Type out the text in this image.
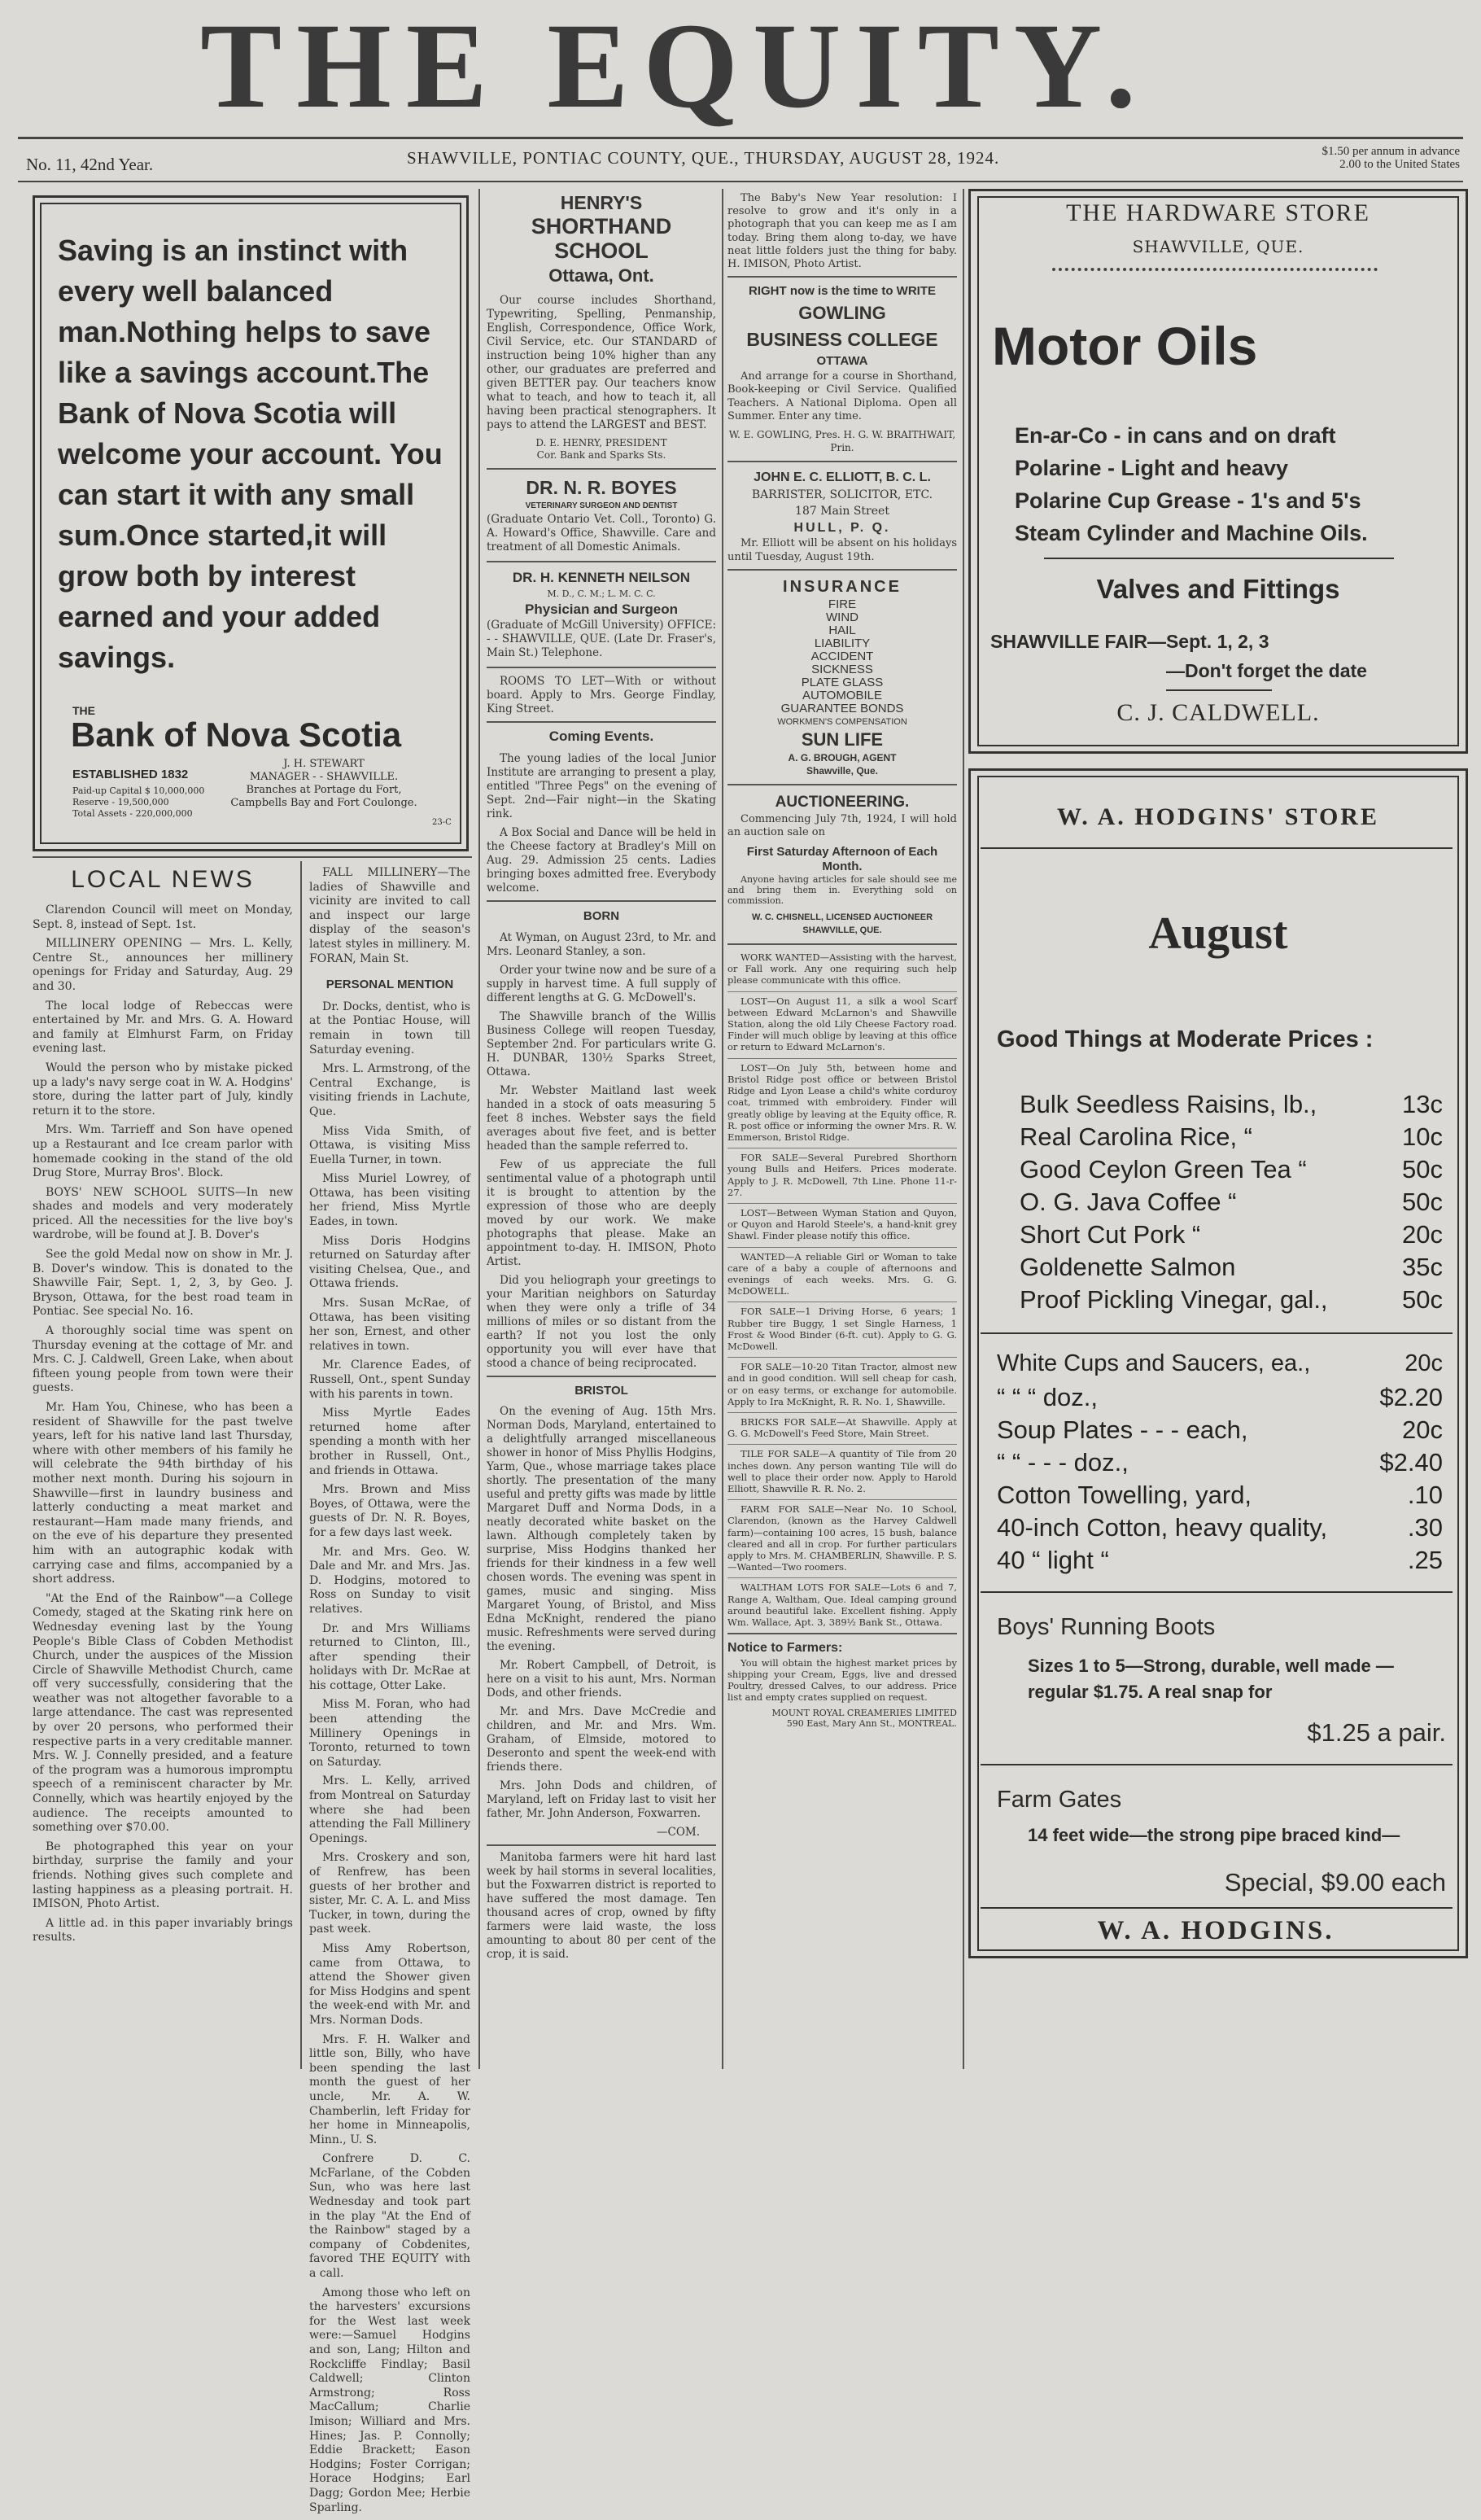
THE EQUITY.
No. 11, 42nd Year.	SHAWVILLE, PONTIAC COUNTY, QUE., THURSDAY, AUGUST 28, 1924.	$1.50 per annum in advance
2.00 to the United States
Saving is an instinct with every well balanced man.Nothing helps to save like a savings account.The Bank of Nova Scotia will welcome your account. You can start it with any small sum.Once started,it will grow both by interest earned and your added savings.
THE
Bank of Nova Scotia
ESTABLISHED 1832
Paid-up Capital $ 10,000,000
Reserve - 19,500,000
Total Assets - 220,000,000
J. H. STEWART
MANAGER - - SHAWVILLE.
Branches at Portage du Fort, Campbells Bay and Fort Coulonge.
23-C
LOCAL NEWS

Clarendon Council will meet on Monday, Sept. 8, instead of Sept. 1st.

MILLINERY OPENING — Mrs. L. Kelly, Centre St., announces her millinery openings for Friday and Saturday, Aug. 29 and 30.

The local lodge of Rebeccas were entertained by Mr. and Mrs. G. A. Howard and family at Elmhurst Farm, on Friday evening last.

Would the person who by mistake picked up a lady's navy serge coat in W. A. Hodgins' store, during the latter part of July, kindly return it to the store.

Mrs. Wm. Tarrieff and Son have opened up a Restaurant and Ice cream parlor with homemade cooking in the stand of the old Drug Store, Murray Bros'. Block.

BOYS' NEW SCHOOL SUITS—In new shades and models and very moderately priced. All the necessities for the live boy's wardrobe, will be found at J. B. Dover's

See the gold Medal now on show in Mr. J. B. Dover's window. This is donated to the Shawville Fair, Sept. 1, 2, 3, by Geo. J. Bryson, Ottawa, for the best road team in Pontiac. See special No. 16.

A thoroughly social time was spent on Thursday evening at the cottage of Mr. and Mrs. C. J. Caldwell, Green Lake, when about fifteen young people from town were their guests.

Mr. Ham You, Chinese, who has been a resident of Shawville for the past twelve years, left for his native land last Thursday, where with other members of his family he will celebrate the 94th birthday of his mother next month. During his sojourn in Shawville—first in laundry business and latterly conducting a meat market and restaurant—Ham made many friends, and on the eve of his departure they presented him with an autographic kodak with carrying case and films, accompanied by a short address.

"At the End of the Rainbow"—a College Comedy, staged at the Skating rink here on Wednesday evening last by the Young People's Bible Class of Cobden Methodist Church, under the auspices of the Mission Circle of Shawville Methodist Church, came off very successfully, considering that the weather was not altogether favorable to a large attendance. The cast was represented by over 20 persons, who performed their respective parts in a very creditable manner. Mrs. W. J. Connelly presided, and a feature of the program was a humorous impromptu speech of a reminiscent character by Mr. Connelly, which was heartily enjoyed by the audience. The receipts amounted to something over $70.00.

Be photographed this year on your birthday, surprise the family and your friends. Nothing gives such complete and lasting happiness as a pleasing portrait. H. IMISON, Photo Artist.

A little ad. in this paper invariably brings results.

FALL MILLINERY—The ladies of Shawville and vicinity are invited to call and inspect our large display of the season's latest styles in millinery. M. FORAN, Main St.

PERSONAL MENTION

Dr. Docks, dentist, who is at the Pontiac House, will remain in town till Saturday evening.

Mrs. L. Armstrong, of the Central Exchange, is visiting friends in Lachute, Que.

Miss Vida Smith, of Ottawa, is visiting Miss Euella Turner, in town.

Miss Muriel Lowrey, of Ottawa, has been visiting her friend, Miss Myrtle Eades, in town.

Miss Doris Hodgins returned on Saturday after visiting Chelsea, Que., and Ottawa friends.

Mrs. Susan McRae, of Ottawa, has been visiting her son, Ernest, and other relatives in town.

Mr. Clarence Eades, of Russell, Ont., spent Sunday with his parents in town.

Miss Myrtle Eades returned home after spending a month with her brother in Russell, Ont., and friends in Ottawa.

Mrs. Brown and Miss Boyes, of Ottawa, were the guests of Dr. N. R. Boyes, for a few days last week.

Mr. and Mrs. Geo. W. Dale and Mr. and Mrs. Jas. D. Hodgins, motored to Ross on Sunday to visit relatives.

Dr. and Mrs Williams returned to Clinton, Ill., after spending their holidays with Dr. McRae at his cottage, Otter Lake.

Miss M. Foran, who had been attending the Millinery Openings in Toronto, returned to town on Saturday.

Mrs. L. Kelly, arrived from Montreal on Saturday where she had been attending the Fall Millinery Openings.

Mrs. Croskery and son, of Renfrew, has been guests of her brother and sister, Mr. C. A. L. and Miss Tucker, in town, during the past week.

Miss Amy Robertson, came from Ottawa, to attend the Shower given for Miss Hodgins and spent the week-end with Mr. and Mrs. Norman Dods.

Mrs. F. H. Walker and little son, Billy, who have been spending the last month the guest of her uncle, Mr. A. W. Chamberlin, left Friday for her home in Minneapolis, Minn., U. S.

Confrere D. C. McFarlane, of the Cobden Sun, who was here last Wednesday and took part in the play "At the End of the Rainbow" staged by a company of Cobdenites, favored THE EQUITY with a call.

Among those who left on the harvesters' excursions for the West last week were:—Samuel Hodgins and son, Lang; Hilton and Rockcliffe Findlay; Basil Caldwell; Clinton Armstrong; Ross MacCallum; Charlie Imison; Williard and Mrs. Hines; Jas. P. Connolly; Eddie Brackett; Eason Hodgins; Foster Corrigan; Horace Hodgins; Earl Dagg; Gordon Mee; Herbie Sparling.

HENRY'S
SHORTHAND SCHOOL
Ottawa, Ont.

Our course includes Shorthand, Typewriting, Spelling, Penmanship, English, Correspondence, Office Work, Civil Service, etc. Our STANDARD of instruction being 10% higher than any other, our graduates are preferred and given BETTER pay. Our teachers know what to teach, and how to teach it, all having been practical stenographers. It pays to attend the LARGEST and BEST.

D. E. HENRY, PRESIDENT
Cor. Bank and Sparks Sts.
DR. N. R. BOYES
VETERINARY SURGEON AND DENTIST

(Graduate Ontario Vet. Coll., Toronto) G. A. Howard's Office, Shawville. Care and treatment of all Domestic Animals.

DR. H. KENNETH NEILSON
M. D., C. M.; L. M. C. C.
Physician and Surgeon

(Graduate of McGill University) OFFICE: - - SHAWVILLE, QUE. (Late Dr. Fraser's, Main St.) Telephone.

ROOMS TO LET—With or without board. Apply to Mrs. George Findlay, King Street.

Coming Events.

The young ladies of the local Junior Institute are arranging to present a play, entitled "Three Pegs" on the evening of Sept. 2nd—Fair night—in the Skating rink.

A Box Social and Dance will be held in the Cheese factory at Bradley's Mill on Aug. 29. Admission 25 cents. Ladies bringing boxes admitted free. Everybody welcome.

BORN

At Wyman, on August 23rd, to Mr. and Mrs. Leonard Stanley, a son.

Order your twine now and be sure of a supply in harvest time. A full supply of different lengths at G. G. McDowell's.

The Shawville branch of the Willis Business College will reopen Tuesday, September 2nd. For particulars write G. H. DUNBAR, 130½ Sparks Street, Ottawa.

Mr. Webster Maitland last week handed in a stock of oats measuring 5 feet 8 inches. Webster says the field averages about five feet, and is better headed than the sample referred to.

Few of us appreciate the full sentimental value of a photograph until it is brought to attention by the expression of those who are deeply moved by our work. We make photographs that please. Make an appointment to-day. H. IMISON, Photo Artist.

Did you heliograph your greetings to your Maritian neighbors on Saturday when they were only a trifle of 34 millions of miles or so distant from the earth? If not you lost the only opportunity you will ever have that stood a chance of being reciprocated.

BRISTOL

On the evening of Aug. 15th Mrs. Norman Dods, Maryland, entertained to a delightfully arranged miscellaneous shower in honor of Miss Phyllis Hodgins, Yarm, Que., whose marriage takes place shortly. The presentation of the many useful and pretty gifts was made by little Margaret Duff and Norma Dods, in a neatly decorated white basket on the lawn. Although completely taken by surprise, Miss Hodgins thanked her friends for their kindness in a few well chosen words. The evening was spent in games, music and singing. Miss Margaret Young, of Bristol, and Miss Edna McKnight, rendered the piano music. Refreshments were served during the evening.

Mr. Robert Campbell, of Detroit, is here on a visit to his aunt, Mrs. Norman Dods, and other friends.

Mr. and Mrs. Dave McCredie and children, and Mr. and Mrs. Wm. Graham, of Elmside, motored to Deseronto and spent the week-end with friends there.

Mrs. John Dods and children, of Maryland, left on Friday last to visit her father, Mr. John Anderson, Foxwarren.

—COM.

Manitoba farmers were hit hard last week by hail storms in several localities, but the Foxwarren district is reported to have suffered the most damage. Ten thousand acres of crop, owned by fifty farmers were laid waste, the loss amounting to about 80 per cent of the crop, it is said.

The Baby's New Year resolution: I resolve to grow and it's only in a photograph that you can keep me as I am today. Bring them along to-day, we have neat little folders just the thing for baby. H. IMISON, Photo Artist.

RIGHT now is the time to WRITE
GOWLING
BUSINESS COLLEGE
OTTAWA

And arrange for a course in Shorthand, Book-keeping or Civil Service. Qualified Teachers. A National Diploma. Open all Summer. Enter any time.

W. E. GOWLING, Pres. H. G. W. BRAITHWAIT, Prin.
JOHN E. C. ELLIOTT, B. C. L.
BARRISTER, SOLICITOR, ETC.
187 Main Street
HULL, P. Q.

Mr. Elliott will be absent on his holidays until Tuesday, August 19th.

INSURANCE
FIRE
WIND
HAIL
LIABILITY
ACCIDENT
SICKNESS
PLATE GLASS
AUTOMOBILE
GUARANTEE BONDS
WORKMEN'S COMPENSATION
SUN LIFE
A. G. BROUGH, AGENT
Shawville, Que.
AUCTIONEERING.

Commencing July 7th, 1924, I will hold an auction sale on

First Saturday Afternoon of Each Month.

Anyone having articles for sale should see me and bring them in. Everything sold on commission.

W. C. CHISNELL, LICENSED AUCTIONEER
SHAWVILLE, QUE.

WORK WANTED—Assisting with the harvest, or Fall work. Any one requiring such help please communicate with this office.

LOST—On August 11, a silk a wool Scarf between Edward McLarnon's and Shawville Station, along the old Lily Cheese Factory road. Finder will much oblige by leaving at this office or return to Edward McLarnon's.

LOST—On July 5th, between home and Bristol Ridge post office or between Bristol Ridge and Lyon Lease a child's white corduroy coat, trimmed with embroidery. Finder will greatly oblige by leaving at the Equity office, R. R. post office or informing the owner Mrs. R. W. Emmerson, Bristol Ridge.

FOR SALE—Several Purebred Shorthorn young Bulls and Heifers. Prices moderate. Apply to J. R. McDowell, 7th Line. Phone 11-r-27.

LOST—Between Wyman Station and Quyon, or Quyon and Harold Steele's, a hand-knit grey Shawl. Finder please notify this office.

WANTED—A reliable Girl or Woman to take care of a baby a couple of afternoons and evenings of each weeks. Mrs. G. G. McDOWELL.

FOR SALE—1 Driving Horse, 6 years; 1 Rubber tire Buggy, 1 set Single Harness, 1 Frost & Wood Binder (6-ft. cut). Apply to G. G. McDowell.

FOR SALE—10-20 Titan Tractor, almost new and in good condition. Will sell cheap for cash, or on easy terms, or exchange for automobile. Apply to Ira McKnight, R. R. No. 1, Shawville.

BRICKS FOR SALE—At Shawville. Apply at G. G. McDowell's Feed Store, Main Street.

TILE FOR SALE—A quantity of Tile from 20 inches down. Any person wanting Tile will do well to place their order now. Apply to Harold Elliott, Shawville R. R. No. 2.

FARM FOR SALE—Near No. 10 School, Clarendon, (known as the Harvey Caldwell farm)—containing 100 acres, 15 bush, balance cleared and all in crop. For further particulars apply to Mrs. M. CHAMBERLIN, Shawville. P. S.—Wanted—Two roomers.

WALTHAM LOTS FOR SALE—Lots 6 and 7, Range A, Waltham, Que. Ideal camping ground around beautiful lake. Excellent fishing. Apply Wm. Wallace, Apt. 3, 389½ Bank St., Ottawa.

Notice to Farmers:

You will obtain the highest market prices by shipping your Cream, Eggs, live and dressed Poultry, dressed Calves, to our address. Price list and empty crates supplied on request.

MOUNT ROYAL CREAMERIES LIMITED
590 East, Mary Ann St., MONTREAL.
THE HARDWARE STORE
SHAWVILLE, QUE.
Motor Oils
En-ar-Co - in cans and on draft
Polarine - Light and heavy
Polarine Cup Grease - 1's and 5's
Steam Cylinder and Machine Oils.
Valves and Fittings
SHAWVILLE FAIR—Sept. 1, 2, 3
—Don't forget the date
C. J. CALDWELL.
W. A. HODGINS' STORE
August
Good Things at Moderate Prices :
Bulk Seedless Raisins, lb.,	13c
Real Carolina Rice, “	10c
Good Ceylon Green Tea “	50c
O. G. Java Coffee “	50c
Short Cut Pork “	20c
Goldenette Salmon	35c
Proof Pickling Vinegar, gal.,	50c
White Cups and Saucers, ea.,	20c
“ “ “ doz.,	$2.20
Soup Plates - - - each,	20c
“ “ - - - doz.,	$2.40
Cotton Towelling, yard,	.10
40-inch Cotton, heavy quality,	.30
40 “ light “	.25
Boys' Running Boots
Sizes 1 to 5—Strong, durable, well made —regular $1.75. A real snap for
$1.25 a pair.
Farm Gates
14 feet wide—the strong pipe braced kind—
Special, $9.00 each
W. A. HODGINS.
